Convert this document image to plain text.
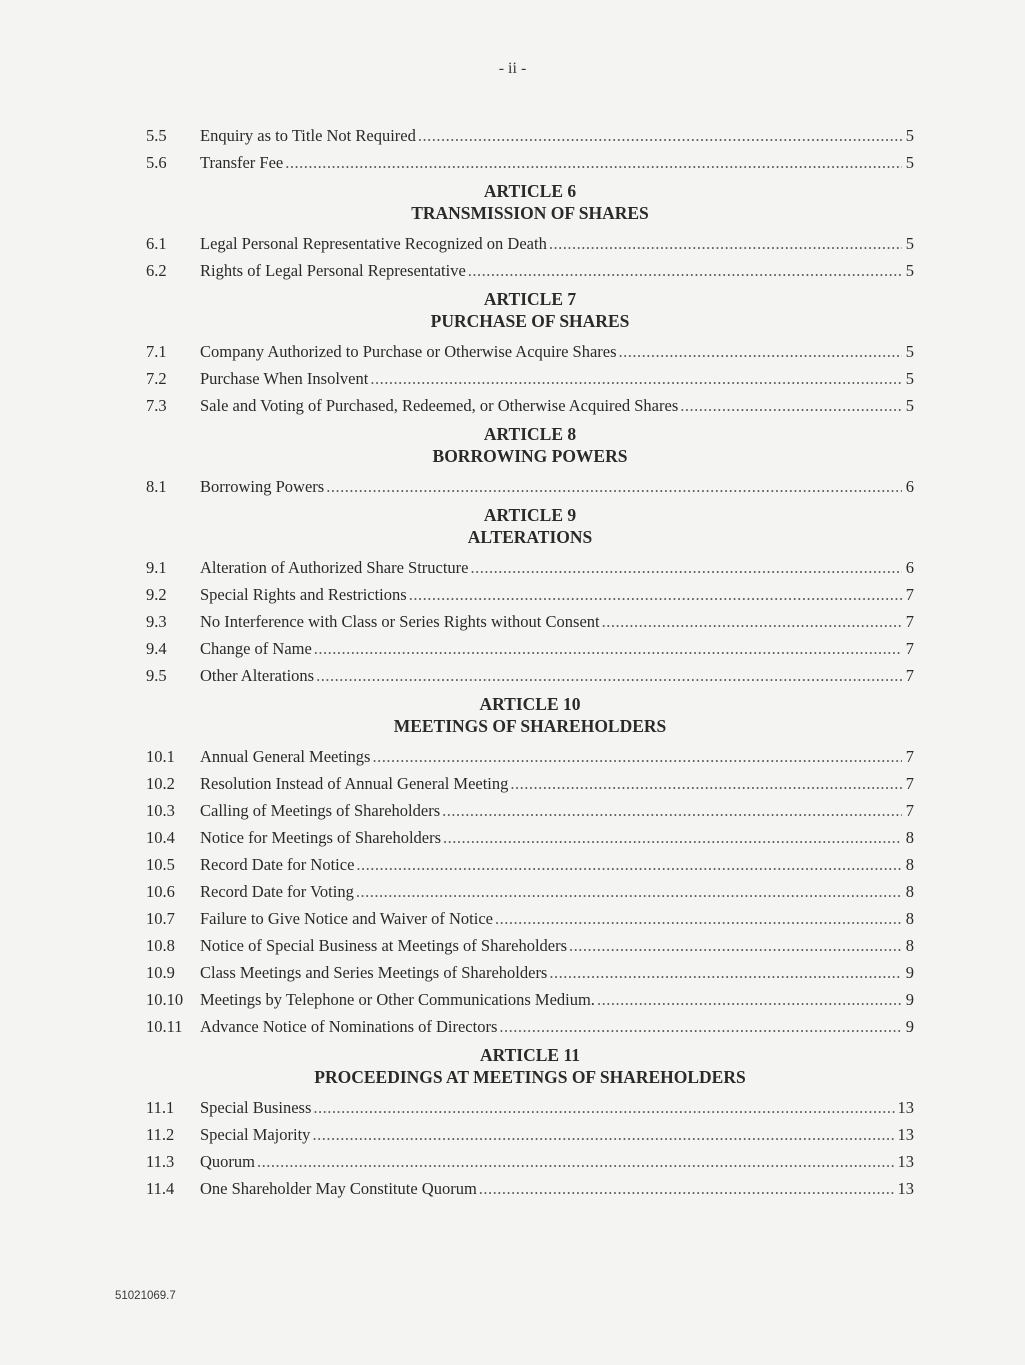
- ii -
5.5	Enquiry as to Title Not Required .....	5
5.6	Transfer Fee .....	5
ARTICLE 6
TRANSMISSION OF SHARES
6.1	Legal Personal Representative Recognized on Death .....	5
6.2	Rights of Legal Personal Representative .....	5
ARTICLE 7
PURCHASE OF SHARES
7.1	Company Authorized to Purchase or Otherwise Acquire Shares .....	5
7.2	Purchase When Insolvent .....	5
7.3	Sale and Voting of Purchased, Redeemed, or Otherwise Acquired Shares .....	5
ARTICLE 8
BORROWING POWERS
8.1	Borrowing Powers .....	6
ARTICLE 9
ALTERATIONS
9.1	Alteration of Authorized Share Structure .....	6
9.2	Special Rights and Restrictions .....	7
9.3	No Interference with Class or Series Rights without Consent .....	7
9.4	Change of Name .....	7
9.5	Other Alterations .....	7
ARTICLE 10
MEETINGS OF SHAREHOLDERS
10.1	Annual General Meetings .....	7
10.2	Resolution Instead of Annual General Meeting .....	7
10.3	Calling of Meetings of Shareholders .....	7
10.4	Notice for Meetings of Shareholders .....	8
10.5	Record Date for Notice .....	8
10.6	Record Date for Voting .....	8
10.7	Failure to Give Notice and Waiver of Notice .....	8
10.8	Notice of Special Business at Meetings of Shareholders .....	8
10.9	Class Meetings and Series Meetings of Shareholders .....	9
10.10	Meetings by Telephone or Other Communications Medium. .....	9
10.11	Advance Notice of Nominations of Directors .....	9
ARTICLE 11
PROCEEDINGS AT MEETINGS OF SHAREHOLDERS
11.1	Special Business .....	13
11.2	Special Majority .....	13
11.3	Quorum .....	13
11.4	One Shareholder May Constitute Quorum .....	13
51021069.7
